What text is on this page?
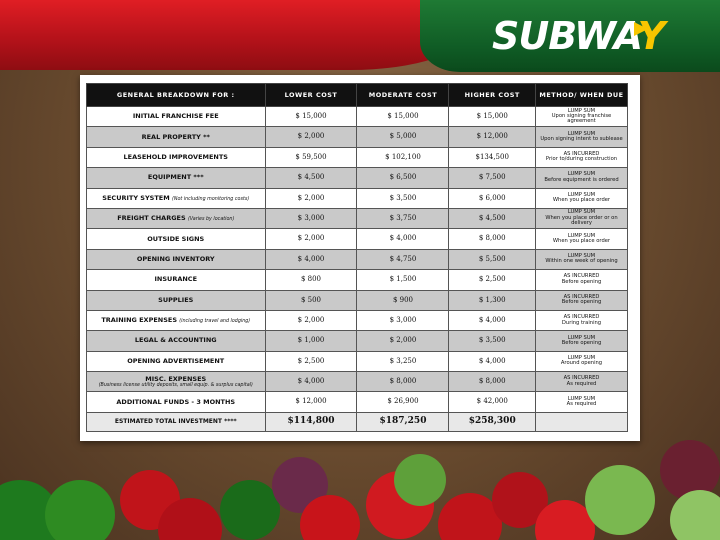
SUBWAY
GENERAL BREAKDOWN FOR :	LOWER COST	MODERATE COST	HIGHER COST	METHOD/ WHEN DUE
INITIAL FRANCHISE FEE	$ 15,000	$ 15,000	$ 15,000	LUMP SUM
Upon signing franchise agreement

REAL PROPERTY **	$ 2,000	$ 5,000	$ 12,000	LUMP SUM
Upon signing intent to sublease

LEASEHOLD IMPROVEMENTS	$ 59,500	$ 102,100	$134,500	AS INCURRED
Prior to/during construction

EQUIPMENT ***	$ 4,500	$ 6,500	$ 7,500	LUMP SUM
Before equipment is ordered

SECURITY SYSTEM (Not including monitoring costs)	$ 2,000	$ 3,500	$ 6,000	LUMP SUM
When you place order

FREIGHT CHARGES (Varies by location)	$ 3,000	$ 3,750	$ 4,500	LUMP SUM
When you place order or on delivery

OUTSIDE SIGNS	$ 2,000	$ 4,000	$ 8,000	LUMP SUM
When you place order

OPENING INVENTORY	$ 4,000	$ 4,750	$ 5,500	LUMP SUM
Within one week of opening

INSURANCE	$ 800	$ 1,500	$ 2,500	AS INCURRED
Before opening

SUPPLIES	$ 500	$ 900	$ 1,300	AS INCURRED
Before opening

TRAINING EXPENSES (including travel and lodging)	$ 2,000	$ 3,000	$ 4,000	AS INCURRED
During training

LEGAL & ACCOUNTING	$ 1,000	$ 2,000	$ 3,500	LUMP SUM
Before opening

OPENING ADVERTISEMENT	$ 2,500	$ 3,250	$ 4,000	LUMP SUM
Around opening

MISC. EXPENSES
(Business license utility deposits, small equip. & surplus capital)	$ 4,000	$ 8,000	$ 8,000	AS INCURRED
As required

ADDITIONAL FUNDS - 3 MONTHS	$ 12,000	$ 26,900	$ 42,000	LUMP SUM
As required

ESTIMATED TOTAL INVESTMENT ****	$114,800	$187,250	$258,300	
